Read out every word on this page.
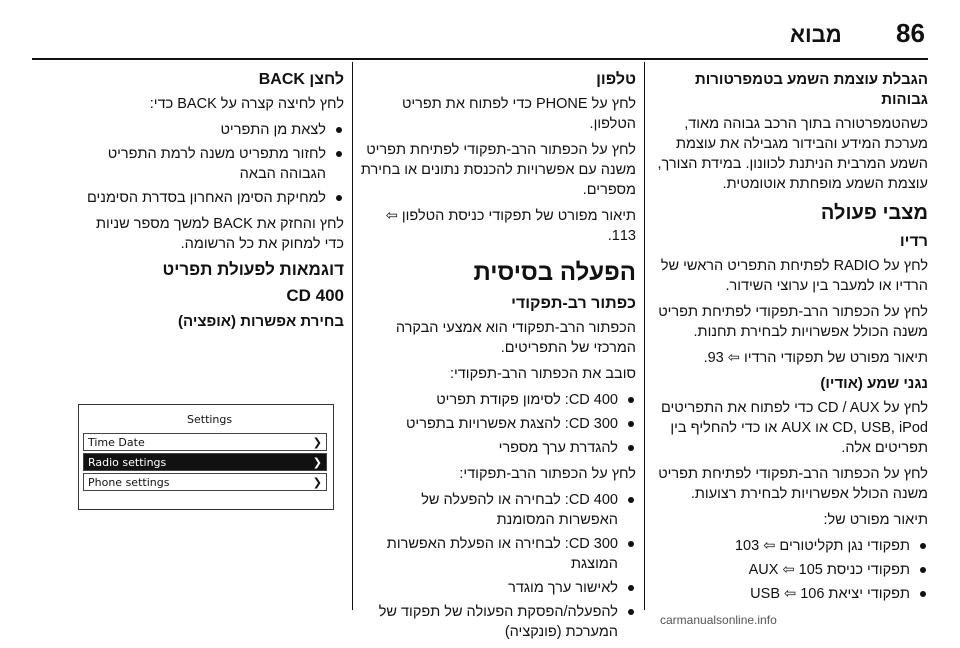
86
מבוא

הגבלת עוצמת השמע בטמפרטורות גבוהות

כשהטמפרטורה בתוך הרכב גבוהה מאוד, מערכת המידע והבידור מגבילה את עוצמת השמע המרבית הניתנת לכוונון. במידת הצורך, עוצמת השמע מופחתת אוטומטית.

מצבי פעולה

רדיו

לחץ על RADIO לפתיחת התפריט הראשי של הרדיו או למעבר בין ערוצי השידור.

לחץ על הכפתור הרב-תפקודי לפתיחת תפריט משנה הכולל אפשרויות לבחירת תחנות.

תיאור מפורט של תפקודי הרדיו ⇦ 93.

נגני שמע (אודיו)

לחץ על CD / AUX כדי לפתוח את התפריטים CD, USB, iPod או AUX או כדי להחליף בין תפריטים אלה.

לחץ על הכפתור הרב-תפקודי לפתיחת תפריט משנה הכולל אפשרויות לבחירת רצועות.

תיאור מפורט של:

תפקודי נגן תקליטורים ⇦ 103
תפקודי כניסת AUX ⇦ 105
תפקודי יציאת USB ⇦ 106

טלפון

לחץ על PHONE כדי לפתוח את תפריט הטלפון.

לחץ על הכפתור הרב-תפקודי לפתיחת תפריט משנה עם אפשרויות להכנסת נתונים או בחירת מספרים.

תיאור מפורט של תפקודי כניסת הטלפון ⇦ 113.

הפעלה בסיסית

כפתור רב-תפקודי

הכפתור הרב-תפקודי הוא אמצעי הבקרה המרכזי של התפריטים.

סובב את הכפתור הרב-תפקודי:

CD 400: לסימון פקודת תפריט
CD 300: להצגת אפשרויות בתפריט
להגדרת ערך מספרי

לחץ על הכפתור הרב-תפקודי:

CD 400: לבחירה או להפעלה של האפשרות המסומנת
CD 300: לבחירה או הפעלת האפשרות המוצגת
לאישור ערך מוגדר
להפעלה/הפסקת הפעולה של תפקוד של המערכת (פונקציה)

לחצן BACK

לחץ לחיצה קצרה על BACK כדי:

לצאת מן התפריט
לחזור מתפריט משנה לרמת התפריט הגבוהה הבאה
למחיקת הסימן האחרון בסדרת הסימנים

לחץ והחזק את BACK למשך מספר שניות כדי למחוק את כל הרשומה.

דוגמאות לפעולת תפריט

CD 400

בחירת אפשרות (אופציה)

Settings
Time Date	❯
Radio settings	❯
Phone settings	❯
carmanualsonline.info
